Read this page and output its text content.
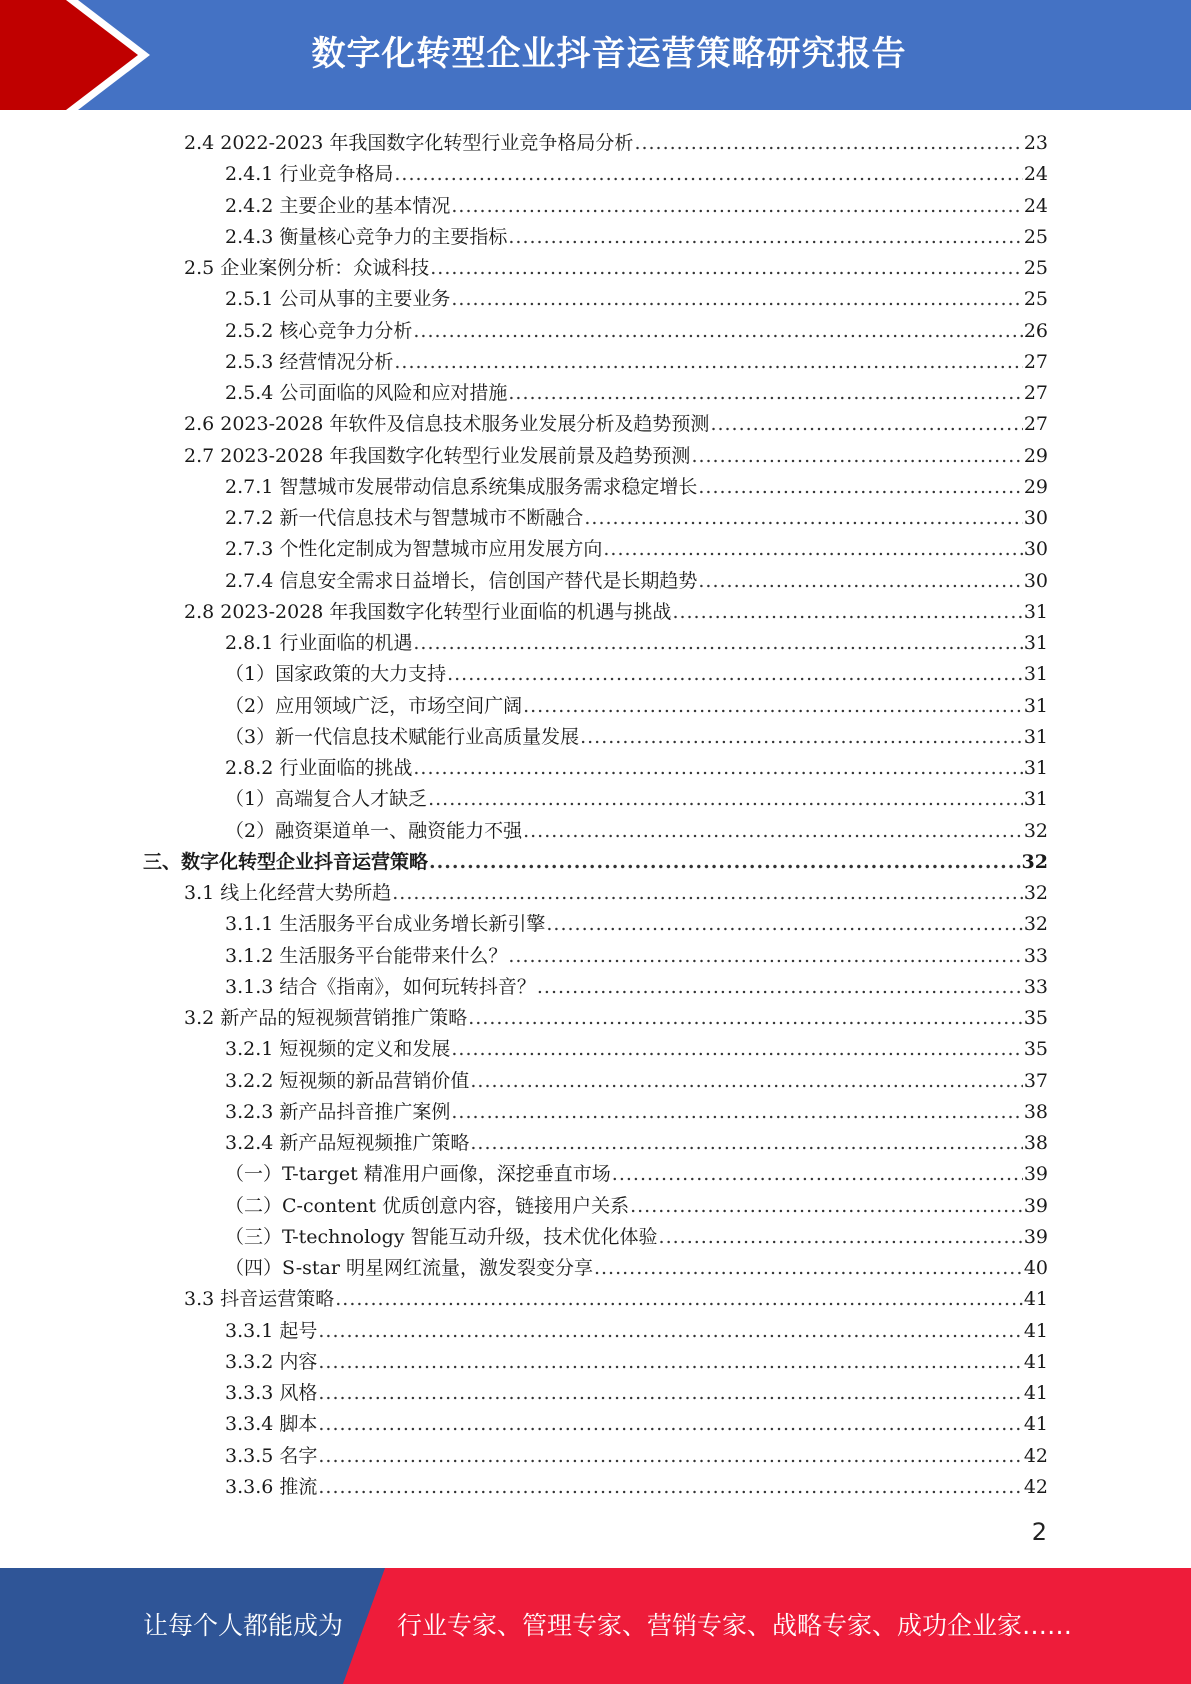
数字化转型企业抖音运营策略研究报告
2.4 2022-2023 年我国数字化转型行业竞争格局分析 .....	23
2.4.1 行业竞争格局 .....	24
2.4.2 主要企业的基本情况 .....	24
2.4.3 衡量核心竞争力的主要指标 .....	25
2.5 企业案例分析：众诚科技 .....	25
2.5.1 公司从事的主要业务 .....	25
2.5.2 核心竞争力分析 .....	26
2.5.3 经营情况分析 .....	27
2.5.4 公司面临的风险和应对措施 .....	27
2.6 2023-2028 年软件及信息技术服务业发展分析及趋势预测 .....	27
2.7 2023-2028 年我国数字化转型行业发展前景及趋势预测 .....	29
2.7.1 智慧城市发展带动信息系统集成服务需求稳定增长 .....	29
2.7.2 新一代信息技术与智慧城市不断融合 .....	30
2.7.3 个性化定制成为智慧城市应用发展方向 .....	30
2.7.4 信息安全需求日益增长，信创国产替代是长期趋势 .....	30
2.8 2023-2028 年我国数字化转型行业面临的机遇与挑战 .....	31
2.8.1 行业面临的机遇 .....	31
（1）国家政策的大力支持 .....	31
（2）应用领域广泛，市场空间广阔 .....	31
（3）新一代信息技术赋能行业高质量发展 .....	31
2.8.2 行业面临的挑战 .....	31
（1）高端复合人才缺乏 .....	31
（2）融资渠道单一、融资能力不强 .....	32
三、数字化转型企业抖音运营策略 .....	32
3.1 线上化经营大势所趋 .....	32
3.1.1 生活服务平台成业务增长新引擎 .....	32
3.1.2 生活服务平台能带来什么？ .....	33
3.1.3 结合《指南》，如何玩转抖音？ .....	33
3.2 新产品的短视频营销推广策略 .....	35
3.2.1 短视频的定义和发展 .....	35
3.2.2 短视频的新品营销价值 .....	37
3.2.3 新产品抖音推广案例 .....	38
3.2.4 新产品短视频推广策略 .....	38
（一）T-target 精准用户画像，深挖垂直市场 .....	39
（二）C-content 优质创意内容，链接用户关系 .....	39
（三）T-technology 智能互动升级，技术优化体验 .....	39
（四）S-star 明星网红流量，激发裂变分享 .....	40
3.3 抖音运营策略 .....	41
3.3.1 起号 .....	41
3.3.2 内容 .....	41
3.3.3 风格 .....	41
3.3.4 脚本 .....	41
3.3.5 名字 .....	42
3.3.6 推流 .....	42
2
让每个人都能成为 行业专家、管理专家、营销专家、战略专家、成功企业家……
